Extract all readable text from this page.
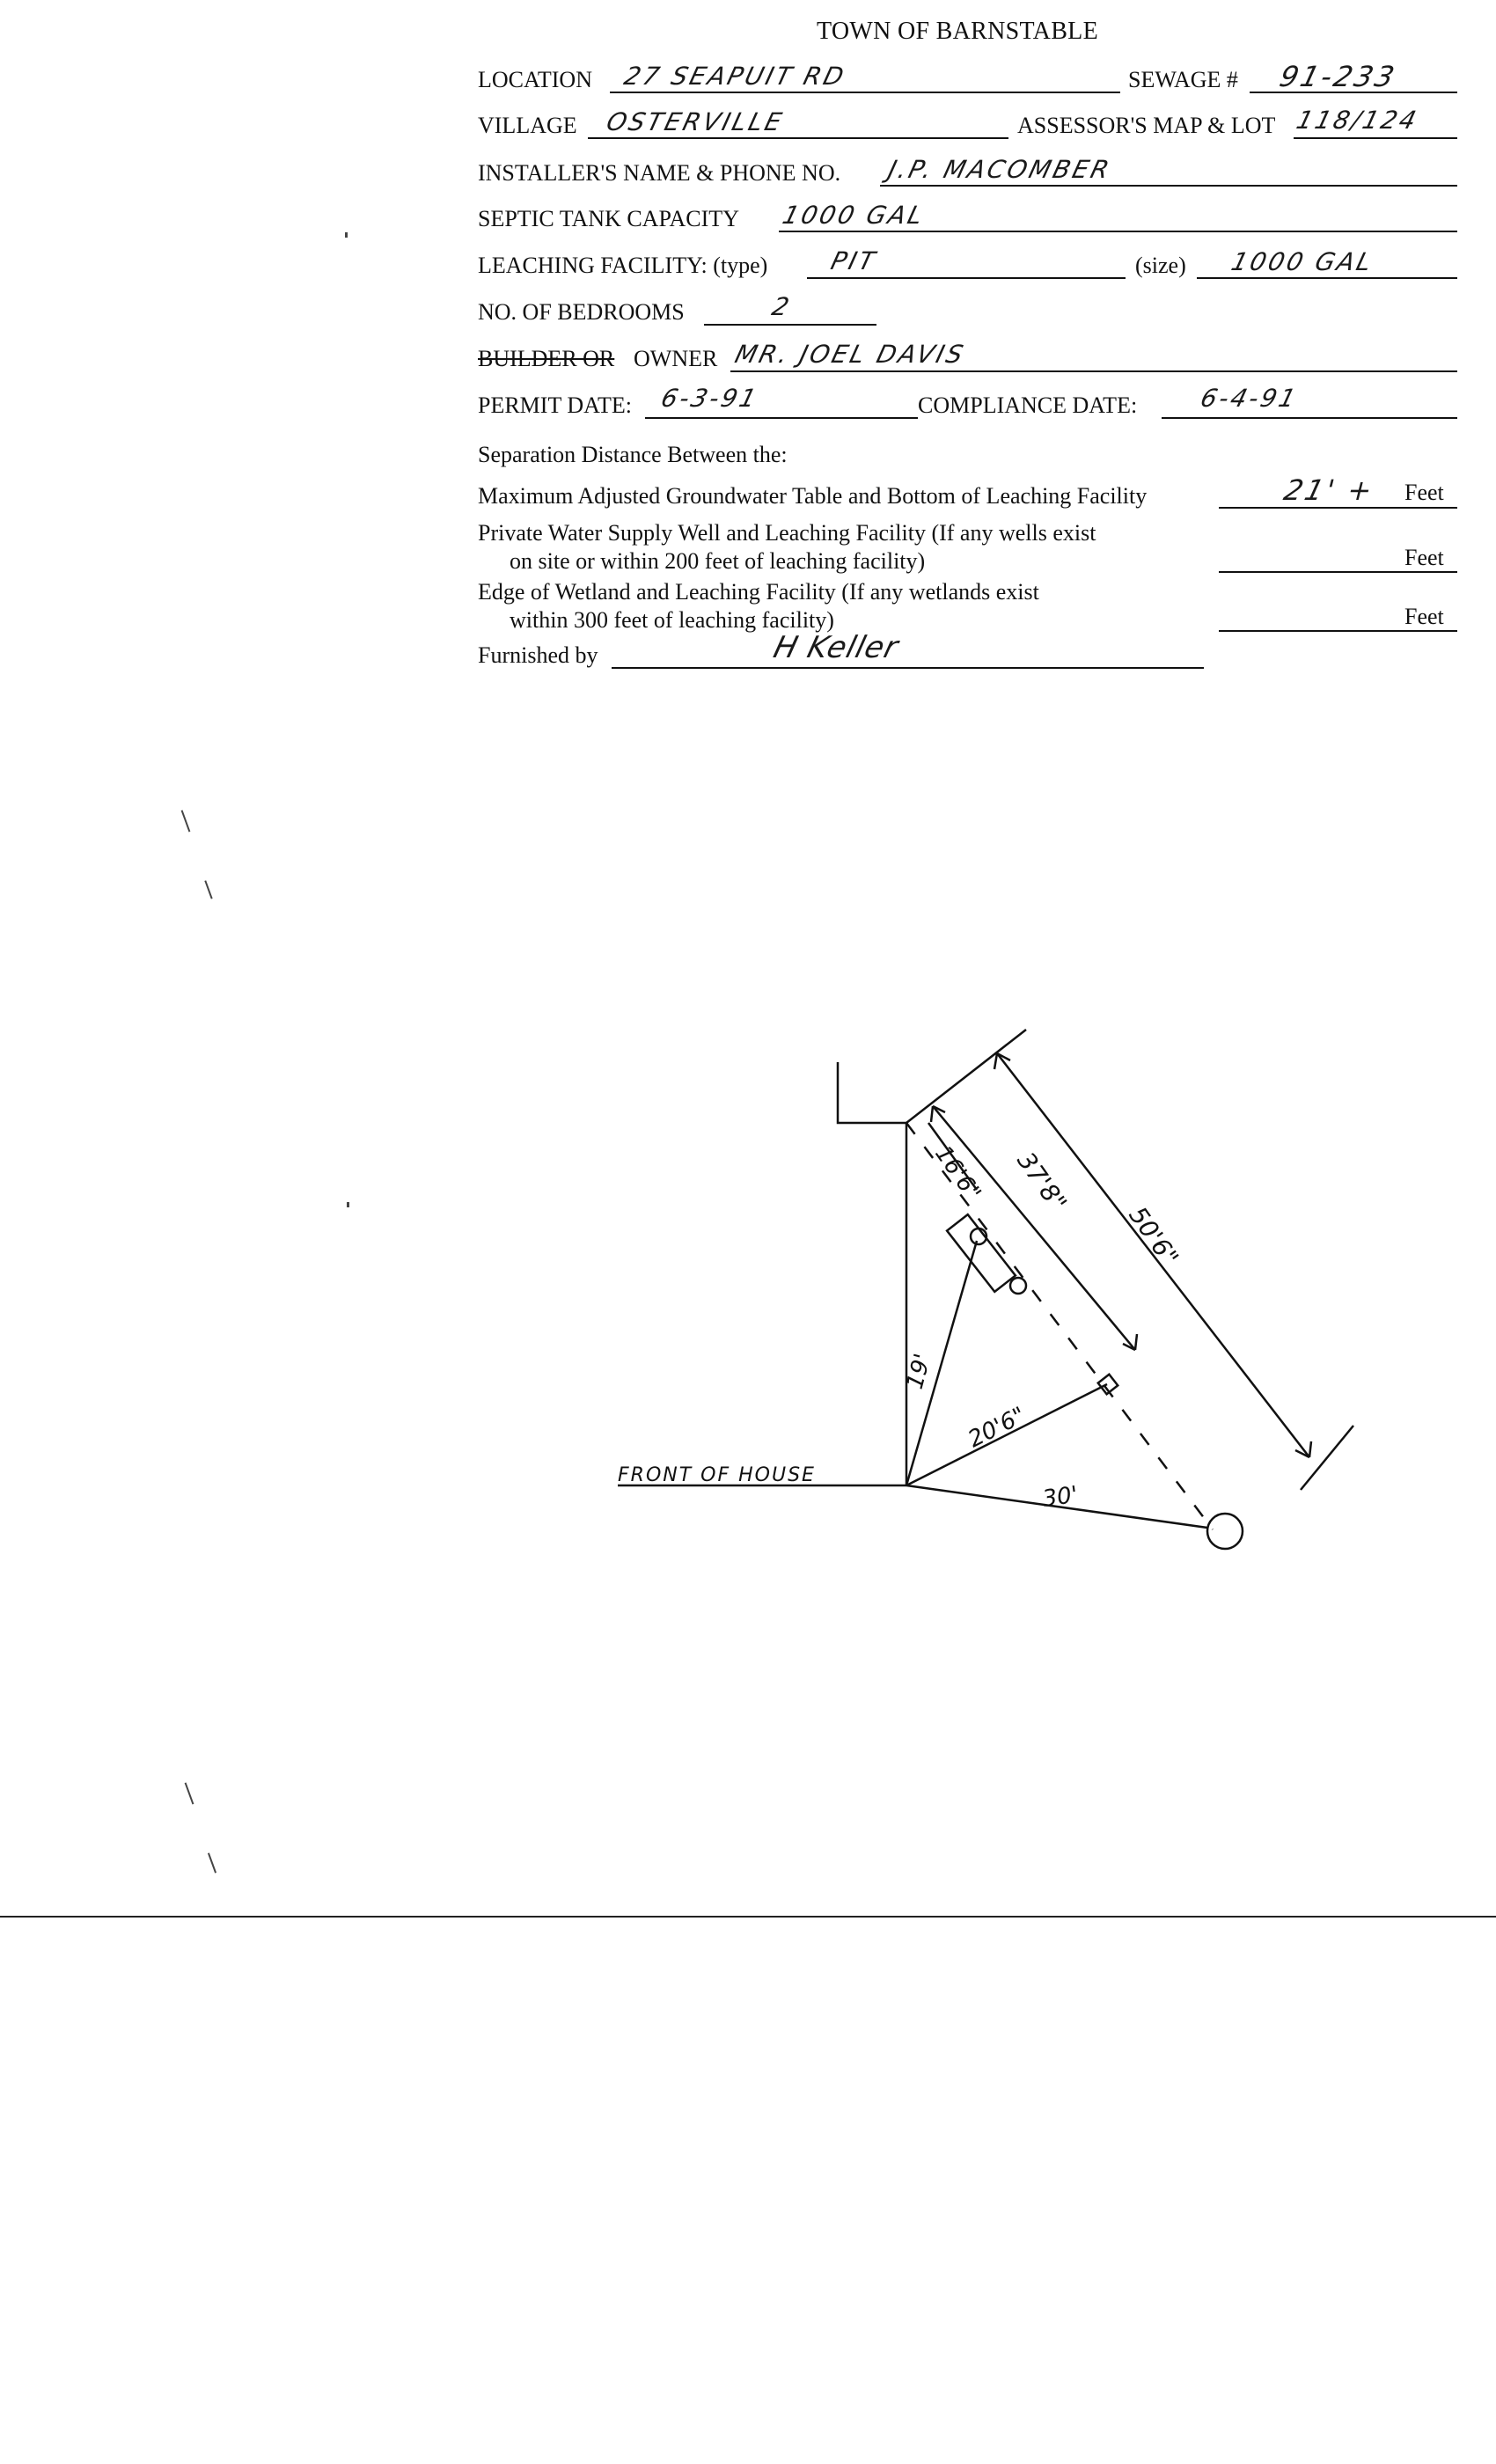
TOWN OF BARNSTABLE
LOCATION 27 SEAPUIT RD	SEWAGE # 91-233
VILLAGE OSTERVILLE	ASSESSOR'S MAP & LOT 118/124
INSTALLER'S NAME & PHONE NO. J.P. MACOMBER
SEPTIC TANK CAPACITY 1000 GAL
LEACHING FACILITY: (type) PIT	(size) 1000 GAL
NO. OF BEDROOMS	2
BUILDER OR OWNER MR. JOEL DAVIS
PERMIT DATE: 6-3-91	COMPLIANCE DATE: 6-4-91
Separation Distance Between the:
Maximum Adjusted Groundwater Table and Bottom of Leaching Facility	21' + Feet
Private Water Supply Well and Leaching Facility (If any wells exist
on site or within 200 feet of leaching facility)	Feet
Edge of Wetland and Leaching Facility (If any wetlands exist
within 300 feet of leaching facility)	Feet
Furnished by	H Keller
FRONT OF HOUSE
16'6" 37'8"
50'6"
19'
20'6"
30'
